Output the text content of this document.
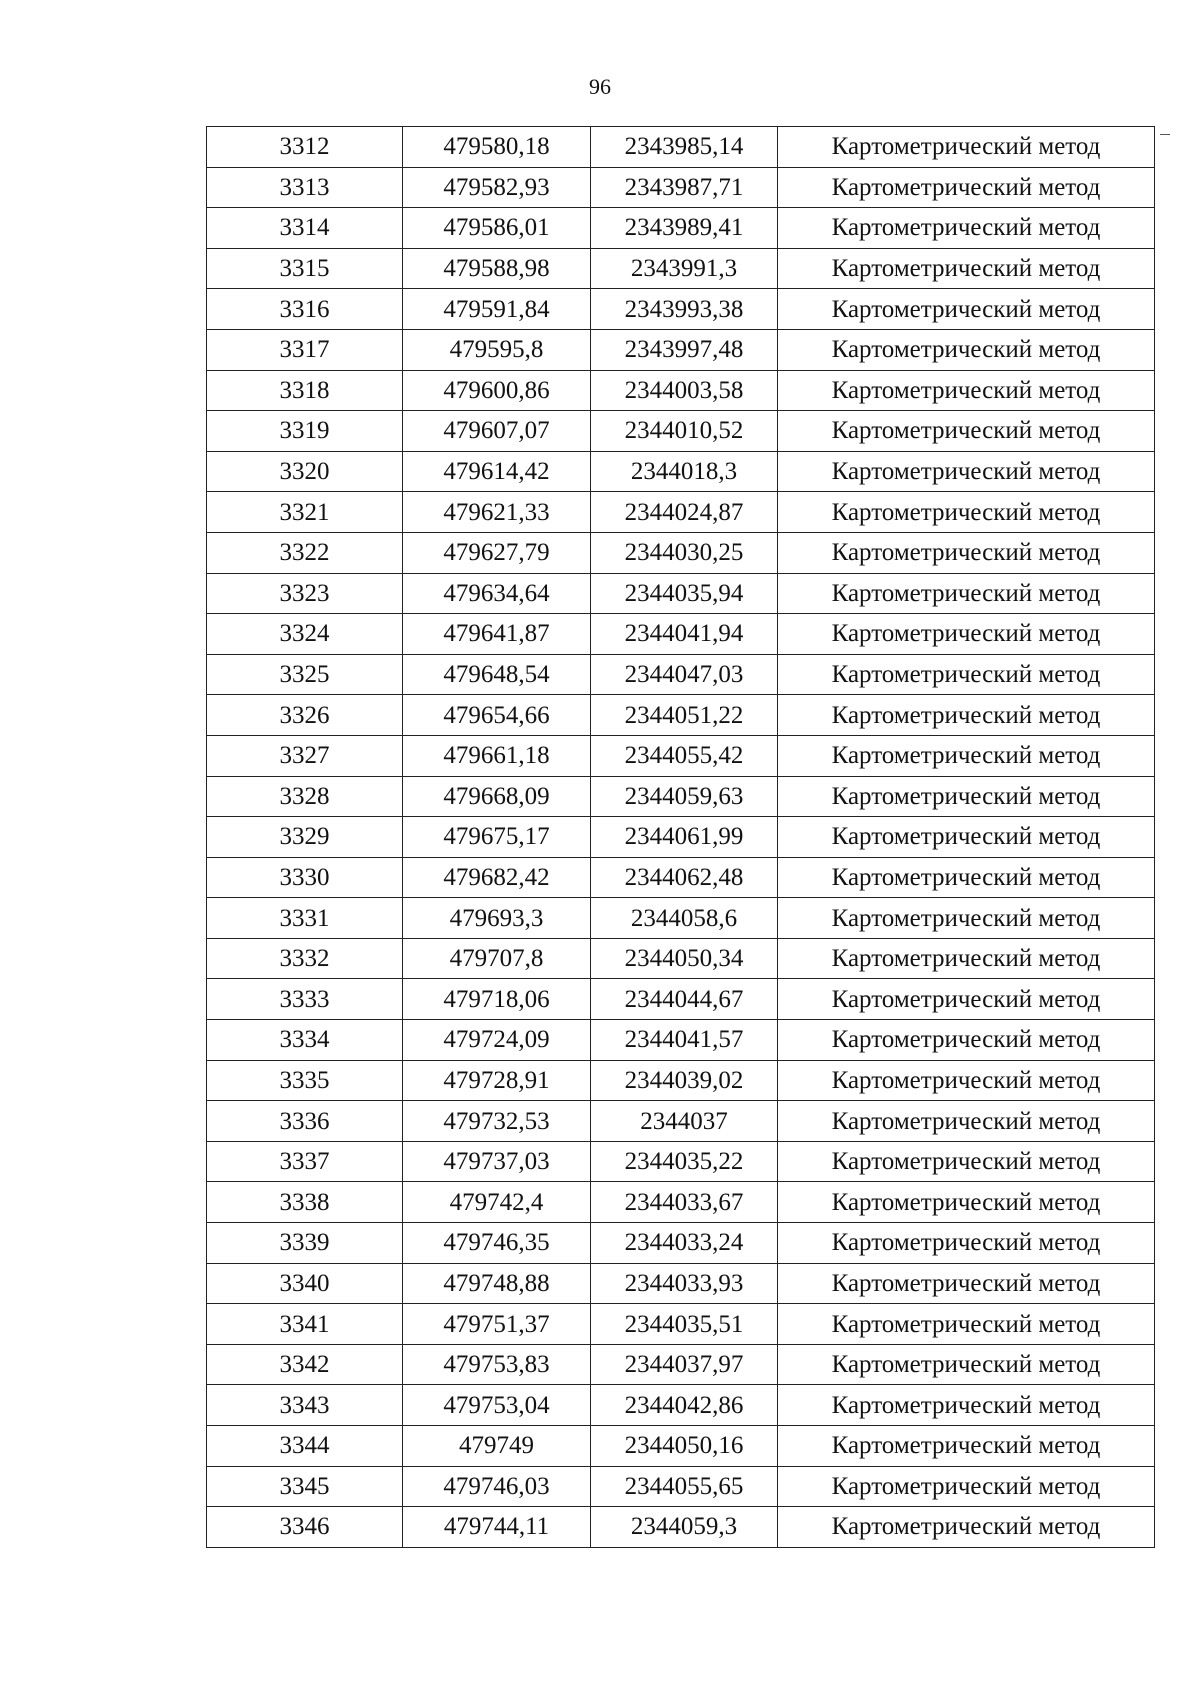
96
3312	479580,18	2343985,14	Картометрический метод
3313	479582,93	2343987,71	Картометрический метод
3314	479586,01	2343989,41	Картометрический метод
3315	479588,98	2343991,3	Картометрический метод
3316	479591,84	2343993,38	Картометрический метод
3317	479595,8	2343997,48	Картометрический метод
3318	479600,86	2344003,58	Картометрический метод
3319	479607,07	2344010,52	Картометрический метод
3320	479614,42	2344018,3	Картометрический метод
3321	479621,33	2344024,87	Картометрический метод
3322	479627,79	2344030,25	Картометрический метод
3323	479634,64	2344035,94	Картометрический метод
3324	479641,87	2344041,94	Картометрический метод
3325	479648,54	2344047,03	Картометрический метод
3326	479654,66	2344051,22	Картометрический метод
3327	479661,18	2344055,42	Картометрический метод
3328	479668,09	2344059,63	Картометрический метод
3329	479675,17	2344061,99	Картометрический метод
3330	479682,42	2344062,48	Картометрический метод
3331	479693,3	2344058,6	Картометрический метод
3332	479707,8	2344050,34	Картометрический метод
3333	479718,06	2344044,67	Картометрический метод
3334	479724,09	2344041,57	Картометрический метод
3335	479728,91	2344039,02	Картометрический метод
3336	479732,53	2344037	Картометрический метод
3337	479737,03	2344035,22	Картометрический метод
3338	479742,4	2344033,67	Картометрический метод
3339	479746,35	2344033,24	Картометрический метод
3340	479748,88	2344033,93	Картометрический метод
3341	479751,37	2344035,51	Картометрический метод
3342	479753,83	2344037,97	Картометрический метод
3343	479753,04	2344042,86	Картометрический метод
3344	479749	2344050,16	Картометрический метод
3345	479746,03	2344055,65	Картометрический метод
3346	479744,11	2344059,3	Картометрический метод
